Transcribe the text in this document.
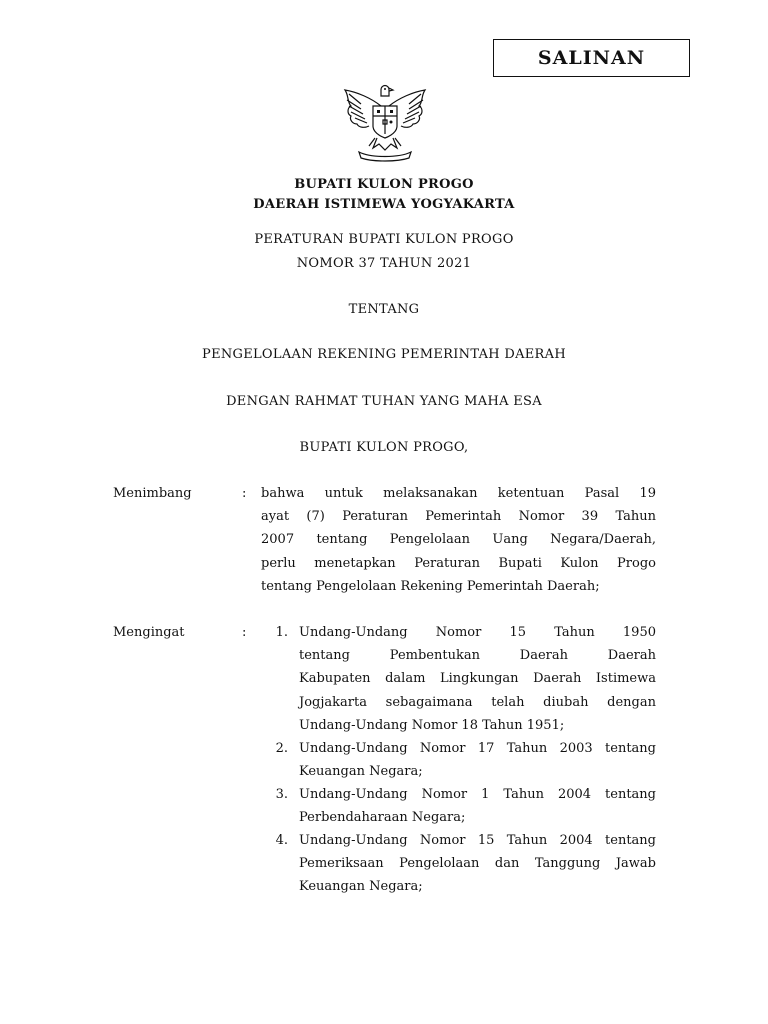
SALINAN
BUPATI KULON PROGO
DAERAH ISTIMEWA YOGYAKARTA
PERATURAN BUPATI KULON PROGO
NOMOR 37 TAHUN 2021
TENTANG
PENGELOLAAN REKENING PEMERINTAH DAERAH
DENGAN RAHMAT TUHAN YANG MAHA ESA
BUPATI KULON PROGO,
Menimbang	: bahwa untuk melaksanakan ketentuan Pasal 19
ayat (7) Peraturan Pemerintah Nomor 39 Tahun
2007 tentang Pengelolaan Uang Negara/Daerah,
perlu menetapkan Peraturan Bupati Kulon Progo
tentang Pengelolaan Rekening Pemerintah Daerah;
Mengingat	:	1. Undang-Undang Nomor 15 Tahun 1950
tentang Pembentukan Daerah Daerah
Kabupaten dalam Lingkungan Daerah Istimewa
Jogjakarta sebagaimana telah diubah dengan
Undang-Undang Nomor 18 Tahun 1951;
2. Undang-Undang Nomor 17 Tahun 2003 tentang
Keuangan Negara;
3. Undang-Undang Nomor 1 Tahun 2004 tentang
Perbendaharaan Negara;
4. Undang-Undang Nomor 15 Tahun 2004 tentang
Pemeriksaan Pengelolaan dan Tanggung Jawab
Keuangan Negara;
